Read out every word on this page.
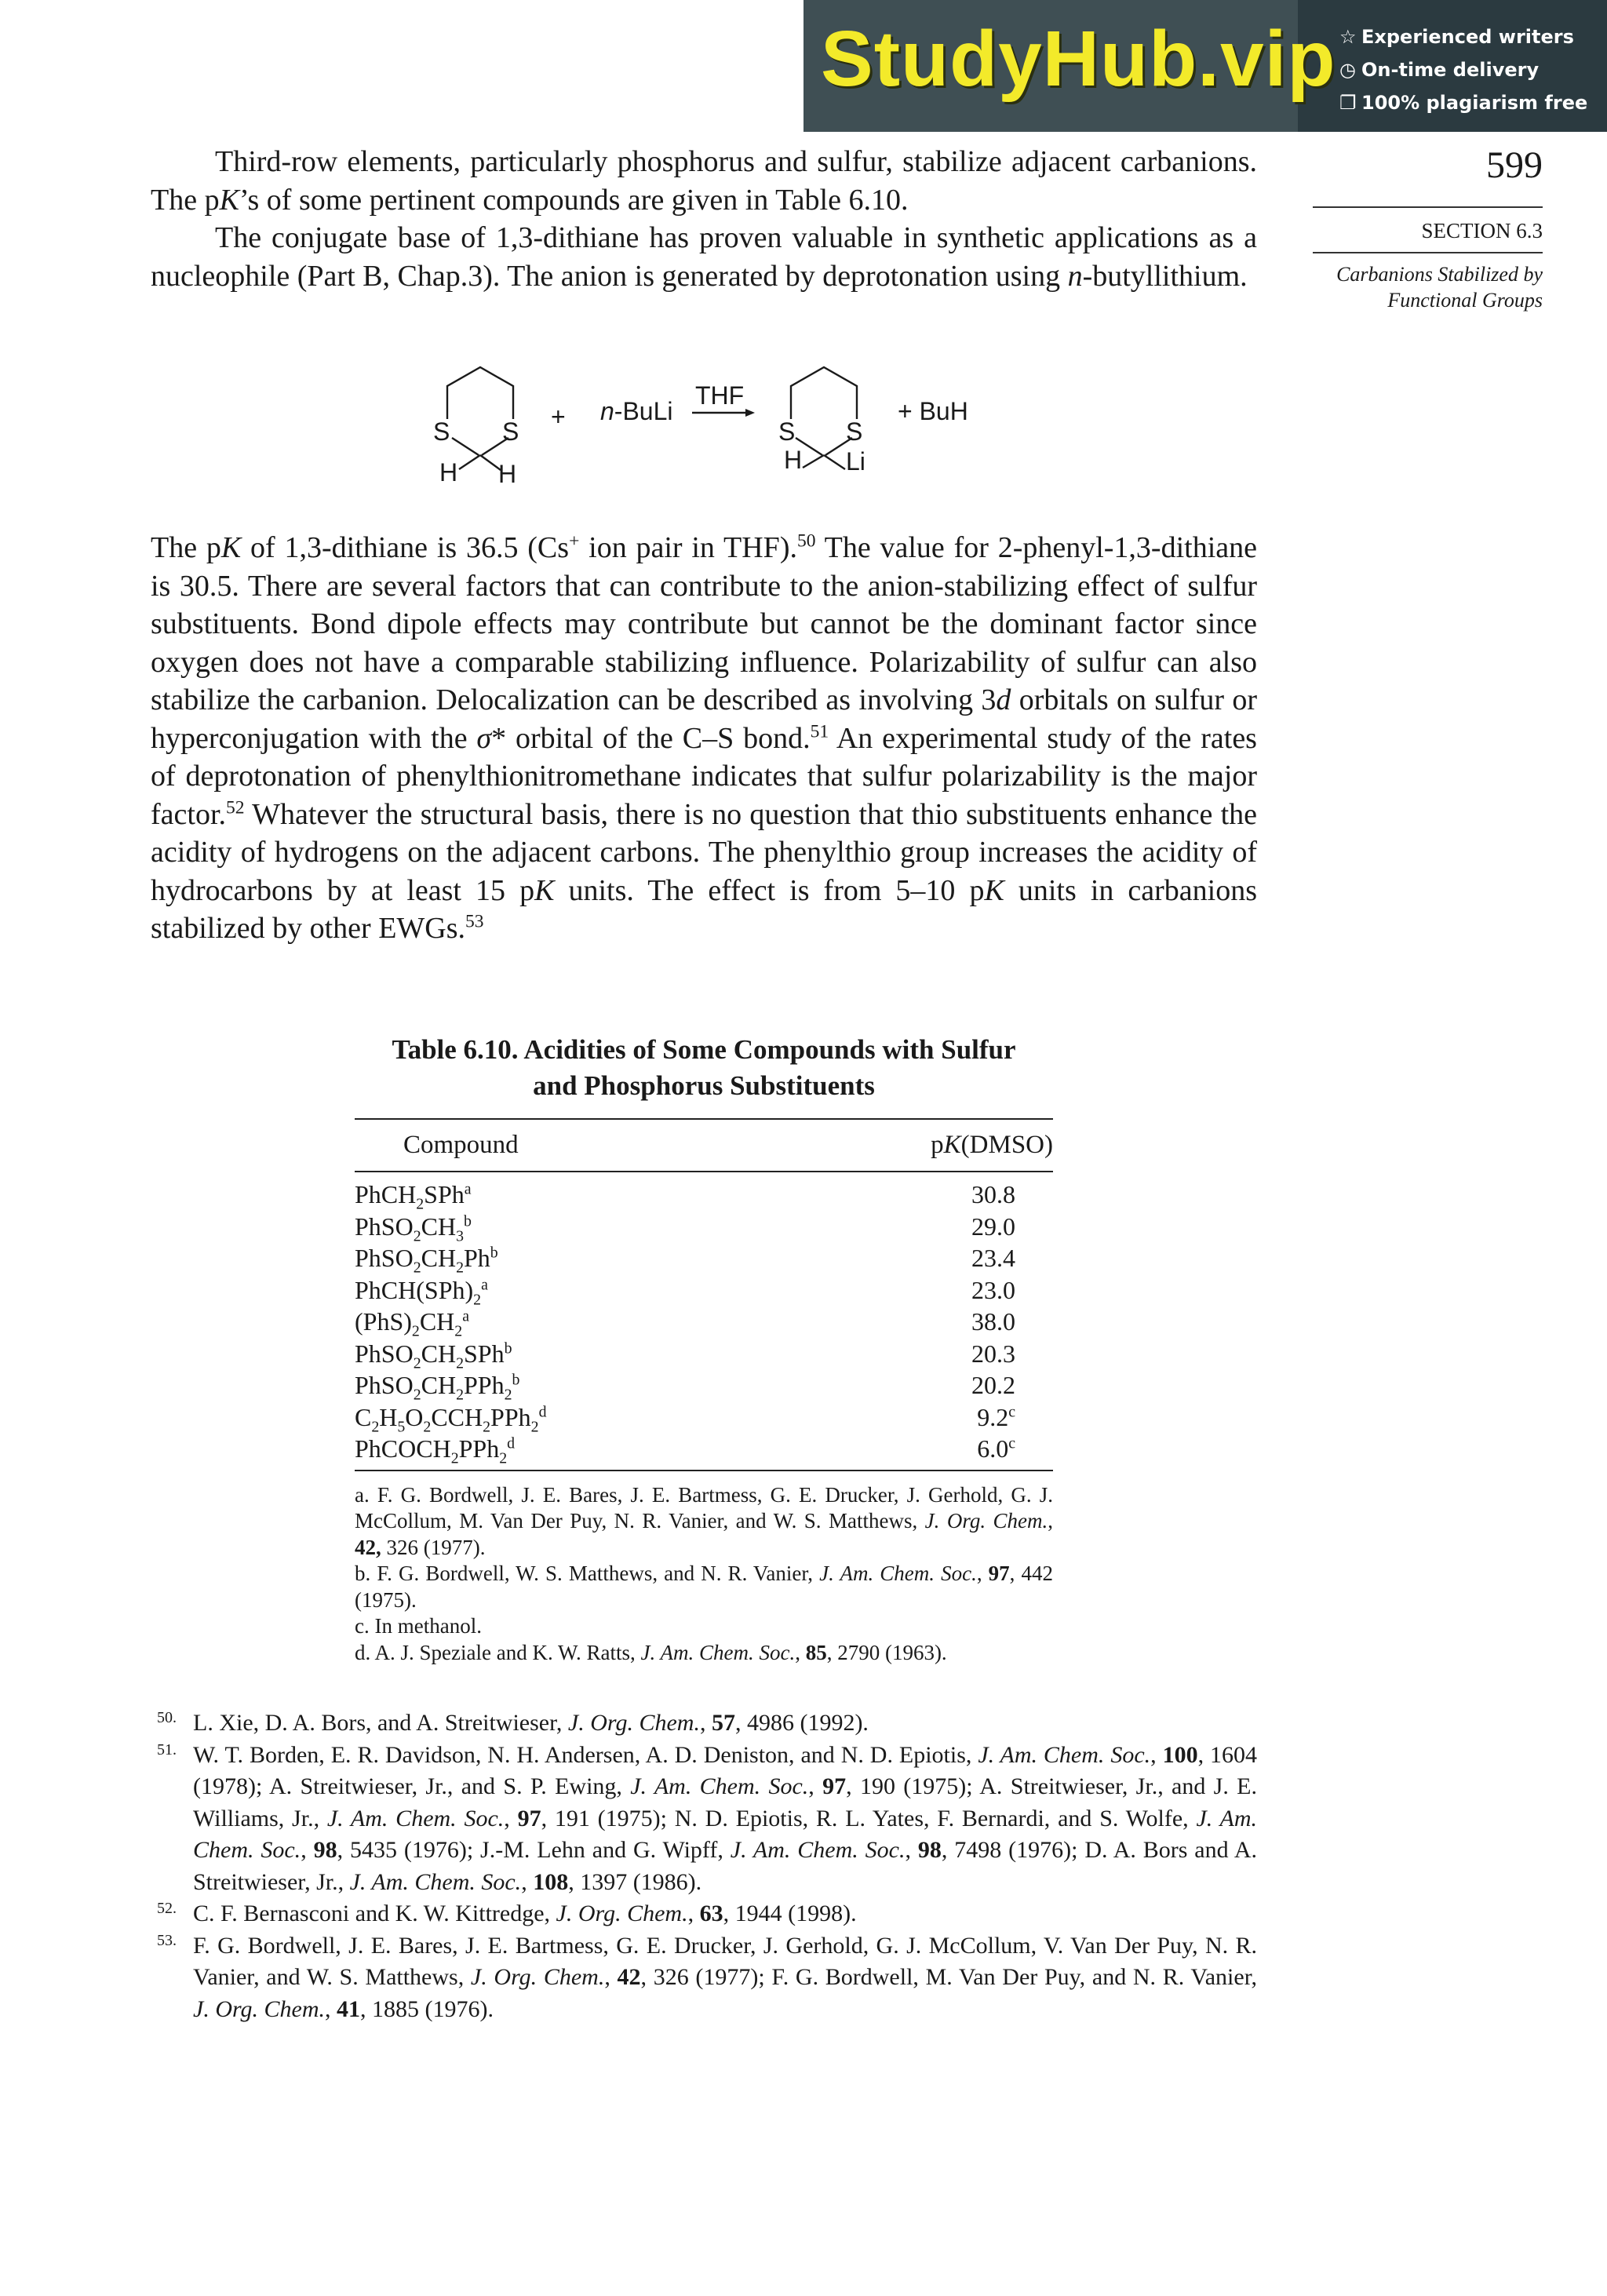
StudyHub.vip ☆ Experienced writers
◷ On-time delivery
❐ 100% plagiarism free
599
SECTION 6.3
Carbanions Stabilized by
Functional Groups

Third-row elements, particularly phosphorus and sulfur, stabilize adjacent carbanions. The pK’s of some pertinent compounds are given in Table 6.10.

The conjugate base of 1,3-dithiane has proven valuable in synthetic applications as a nucleophile (Part B, Chap.3). The anion is generated by deprotonation using n-butyllithium.

S S
H H
+ n-BuLi
THF
S S
H Li
+ BuH

The pK of 1,3-dithiane is 36.5 (Cs+ ion pair in THF).$^{50}$ The value for 2-phenyl-1,3-dithiane is 30.5. There are several factors that can contribute to the anion-stabilizing effect of sulfur substituents. Bond dipole effects may contribute but cannot be the dominant factor since oxygen does not have a comparable stabilizing influence. Polarizability of sulfur can also stabilize the carbanion. Delocalization can be described as involving 3d orbitals on sulfur or hyperconjugation with the σ* orbital of the C–S bond.$^{51}$ An experimental study of the rates of deprotonation of phenylthionitromethane indicates that sulfur polarizability is the major factor.$^{52}$ Whatever the structural basis, there is no question that thio substituents enhance the acidity of hydrogens on the adjacent carbons. The phenylthio group increases the acidity of hydrocarbons by at least 15 pK units. The effect is from 5–10 pK units in carbanions stabilized by other EWGs.$^{53}$

Table 6.10. Acidities of Some Compounds with Sulfur
and Phosphorus Substituents
Compound	pK(DMSO)
PhCH$_2$SPh$^a$	30.8
$PhSO_2CH_3^b$	29.0
$PhSO_2CH_2Ph^b$	23.4
$PhCH(SPh)_2^a$	23.0
$(PhS)_2CH_2^a$	38.0
$PhSO_2CH_2SPh^b$	20.3
$PhSO_2CH_2PPh_2^b$	20.2
$C_2H_5O_2CCH_2PPh_2^d$	9.2$^c$
PhCOCH$_2$PPh$_2^d$	6.0$^c$

a. F. G. Bordwell, J. E. Bares, J. E. Bartmess, G. E. Drucker, J. Gerhold, G. J. McCollum, M. Van Der Puy, N. R. Vanier, and W. S. Matthews, J. Org. Chem., 42, 326 (1977).

b. F. G. Bordwell, W. S. Matthews, and N. R. Vanier, J. Am. Chem. Soc., 97, 442 (1975).

c. In methanol.

d. A. J. Speziale and K. W. Ratts, J. Am. Chem. Soc., 85, 2790 (1963).

50. L. Xie, D. A. Bors, and A. Streitwieser, J. Org. Chem., 57, 4986 (1992).
51. W. T. Borden, E. R. Davidson, N. H. Andersen, A. D. Deniston, and N. D. Epiotis, J. Am. Chem. Soc., 100, 1604 (1978); A. Streitwieser, Jr., and S. P. Ewing, J. Am. Chem. Soc., 97, 190 (1975); A. Streitwieser, Jr., and J. E. Williams, Jr., J. Am. Chem. Soc., 97, 191 (1975); N. D. Epiotis, R. L. Yates, F. Bernardi, and S. Wolfe, J. Am. Chem. Soc., 98, 5435 (1976); J.-M. Lehn and G. Wipff, J. Am. Chem. Soc., 98, 7498 (1976); D. A. Bors and A. Streitwieser, Jr., J. Am. Chem. Soc., 108, 1397 (1986).
52. C. F. Bernasconi and K. W. Kittredge, J. Org. Chem., 63, 1944 (1998).
53. F. G. Bordwell, J. E. Bares, J. E. Bartmess, G. E. Drucker, J. Gerhold, G. J. McCollum, V. Van Der Puy, N. R. Vanier, and W. S. Matthews, J. Org. Chem., 42, 326 (1977); F. G. Bordwell, M. Van Der Puy, and N. R. Vanier, J. Org. Chem., 41, 1885 (1976).
